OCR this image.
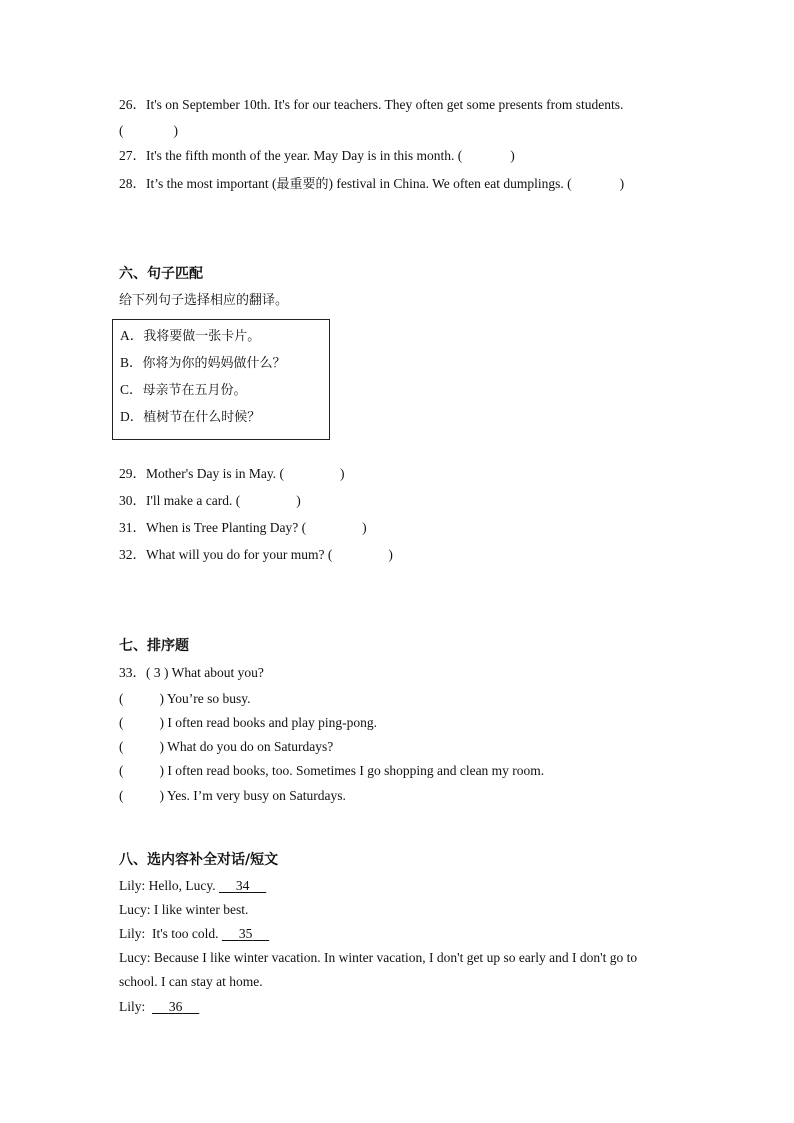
26．It's on September 10th. It's for our teachers. They often get some presents from students.
(	)
27．It's the fifth month of the year. May Day is in this month. (	)
28．It’s the most important (最重要的) festival in China. We often eat dumplings. (	)
六、句子匹配
给下列句子选择相应的翻译。
A．我将要做一张卡片。
B．你将为你的妈妈做什么？
C．母亲节在五月份。
D．植树节在什么时候？
29．Mother's Day is in May. (	)
30．I'll make a card. (	)
31．When is Tree Planting Day? (	)
32．What will you do for your mum? (	)
七、排序题
33．( 3 ) What about you?
(	) You’re so busy.
(	) I often read books and play ping-pong.
(	) What do you do on Saturdays?
(	) I often read books, too. Sometimes I go shopping and clean my room.
(	) Yes. I’m very busy on Saturdays.
八、选内容补全对话/短文
Lily: Hello, Lucy. 34
Lucy: I like winter best.
Lily: It's too cold. 35
Lucy: Because I like winter vacation. In winter vacation, I don't get up so early and I don't go to
school. I can stay at home.
Lily: 36
